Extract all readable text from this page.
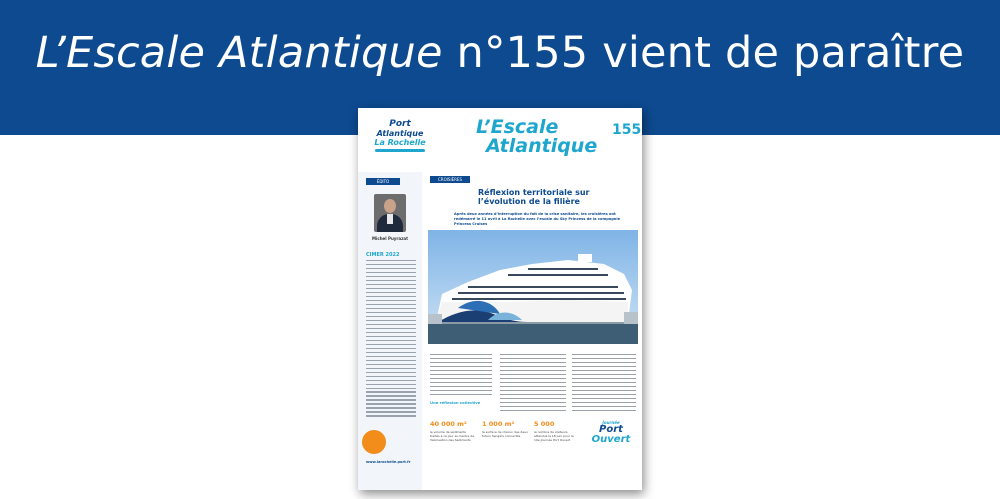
L’Escale Atlantique n°155 vient de paraître
Port
Atlantique
La Rochelle
L’Escale
Atlantique
155
ÉDITO
Michel Puyrazat
CIMER 2022
www.larochelle.port.fr
CROISIÈRES
Réflexion territoriale sur l’évolution de la filière
Après deux années d’interruption du fait de la crise sanitaire, les croisières ont redémarré le 11 avril à La Rochelle avec l’escale du Sky Princess de la compagnie Princess Cruises
Une réflexion collective
40 000 m²
le volume de sédiments traités à ce jour au Centre de Valorisation des Sédiments
1 000 m²
la surface de chacun des deux futurs hangars connectés
5 000
le nombre de visiteurs attendus le 18 juin pour la 10e Journée Port Ouvert
Journée
Port
Ouvert
